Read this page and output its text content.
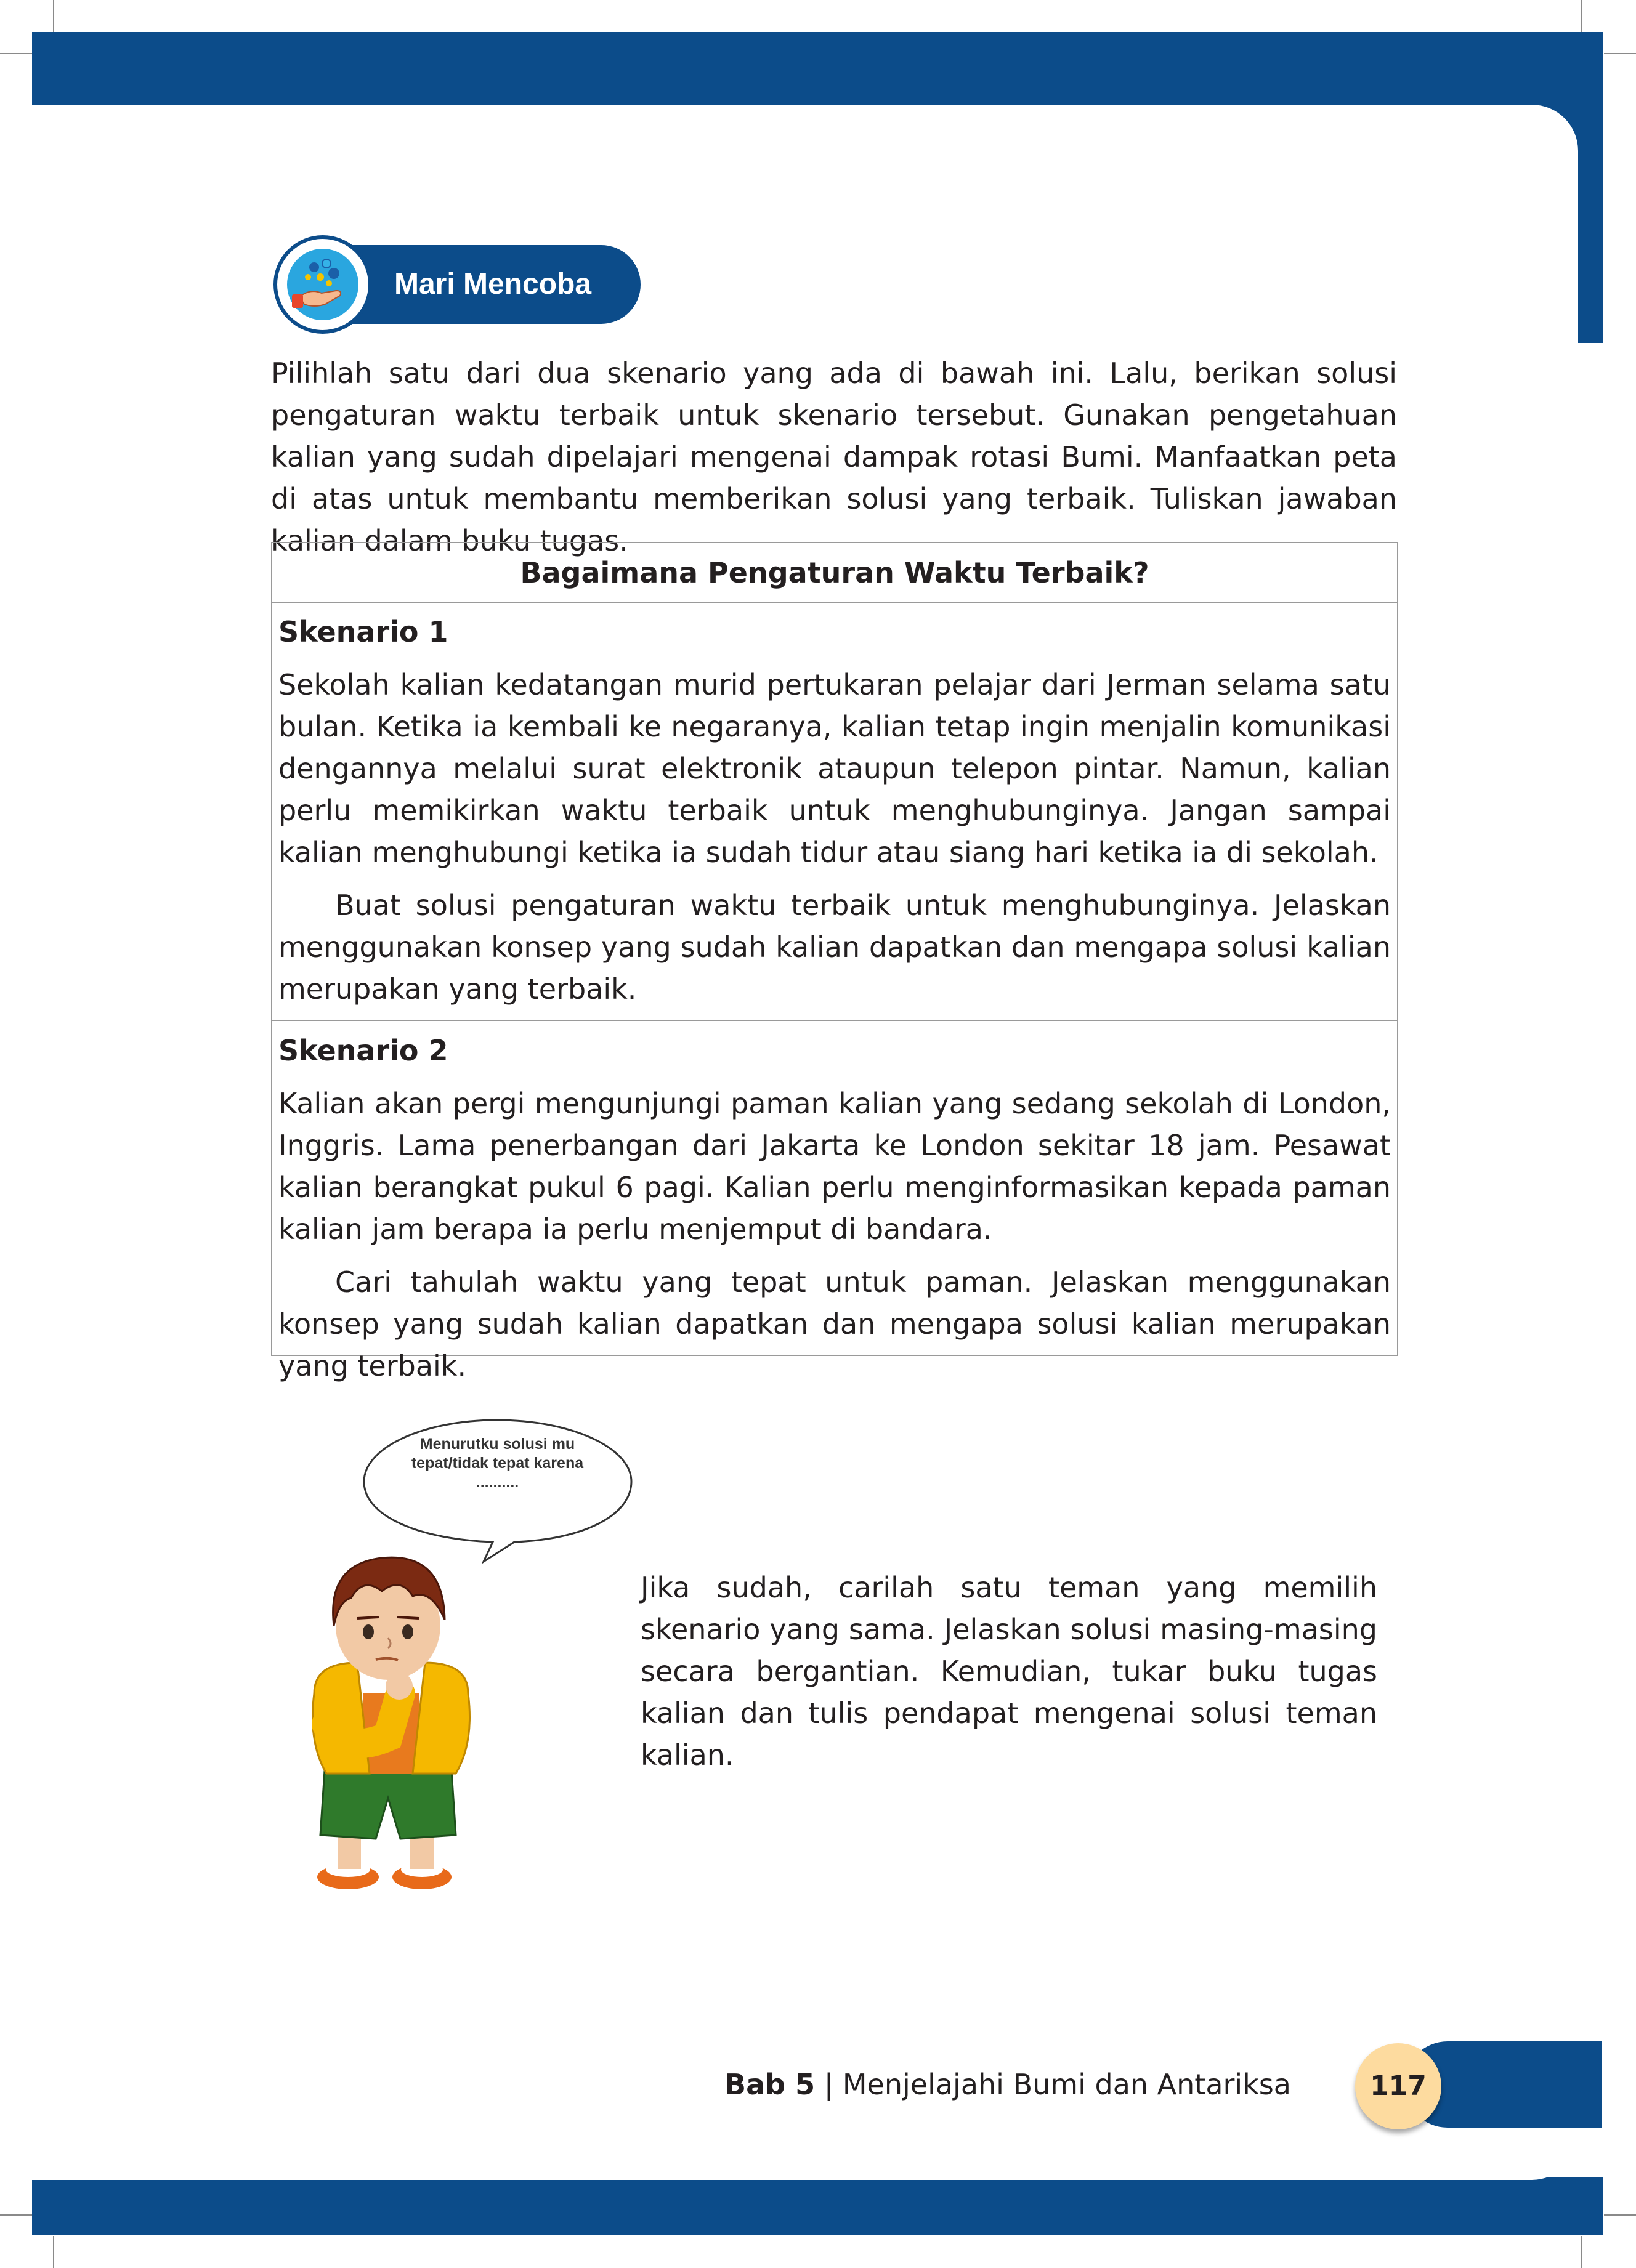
Mari Mencoba

Pilihlah satu dari dua skenario yang ada di bawah ini. Lalu, berikan solusi pengaturan waktu terbaik untuk skenario tersebut. Gunakan pengetahuan kalian yang sudah dipelajari mengenai dampak rotasi Bumi. Manfaatkan peta di atas untuk membantu memberikan solusi yang terbaik. Tuliskan jawaban kalian dalam buku tugas.

Bagaimana Pengaturan Waktu Terbaik?

Skenario 1

Sekolah kalian kedatangan murid pertukaran pelajar dari Jerman selama satu bulan. Ketika ia kembali ke negaranya, kalian tetap ingin menjalin komunikasi dengannya melalui surat elektronik ataupun telepon pintar. Namun, kalian perlu memikirkan waktu terbaik untuk menghubunginya. Jangan sampai kalian menghubungi ketika ia sudah tidur atau siang hari ketika ia di sekolah.

Buat solusi pengaturan waktu terbaik untuk menghubunginya. Jelaskan menggunakan konsep yang sudah kalian dapatkan dan mengapa solusi kalian merupakan yang terbaik.

Skenario 2

Kalian akan pergi mengunjungi paman kalian yang sedang sekolah di London, Inggris. Lama penerbangan dari Jakarta ke London sekitar 18 jam. Pesawat kalian berangkat pukul 6 pagi. Kalian perlu menginformasikan kepada paman kalian jam berapa ia perlu menjemput di bandara.

Cari tahulah waktu yang tepat untuk paman. Jelaskan menggunakan konsep yang sudah kalian dapatkan dan mengapa solusi kalian merupakan yang terbaik.

Menurutku solusi mu
tepat/tidak tepat karena
..........

Jika sudah, carilah satu teman yang memilih skenario yang sama. Jelaskan solusi masing-masing secara bergantian. Kemudian, tukar buku tugas kalian dan tulis pendapat mengenai solusi teman kalian.

Bab 5 | Menjelajahi Bumi dan Antariksa	117
